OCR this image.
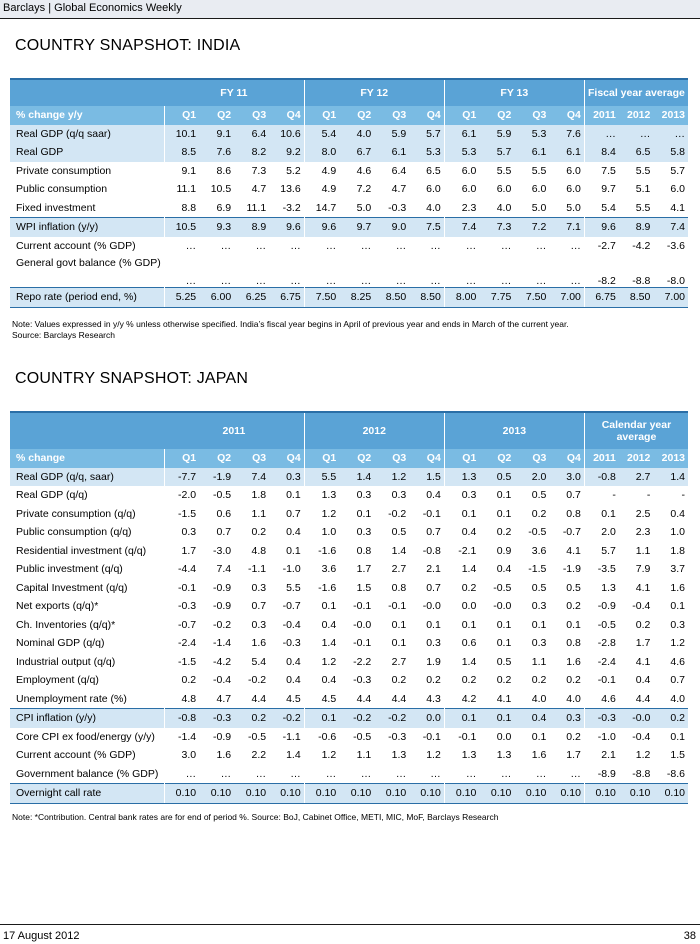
Barclays | Global Economics Weekly
COUNTRY SNAPSHOT: INDIA
	FY 11				FY 12				FY 13				Fiscal year average		
% change y/y	Q1	Q2	Q3	Q4	Q1	Q2	Q3	Q4	Q1	Q2	Q3	Q4	2011	2012	2013
Real GDP (q/q saar)	10.1	9.1	6.4	10.6	5.4	4.0	5.9	5.7	6.1	5.9	5.3	7.6	…	…	…
Real GDP	8.5	7.6	8.2	9.2	8.0	6.7	6.1	5.3	5.3	5.7	6.1	6.1	8.4	6.5	5.8
Private consumption	9.1	8.6	7.3	5.2	4.9	4.6	6.4	6.5	6.0	5.5	5.5	6.0	7.5	5.5	5.7
Public consumption	11.1	10.5	4.7	13.6	4.9	7.2	4.7	6.0	6.0	6.0	6.0	6.0	9.7	5.1	6.0
Fixed investment	8.8	6.9	11.1	-3.2	14.7	5.0	-0.3	4.0	2.3	4.0	5.0	5.0	5.4	5.5	4.1
WPI inflation (y/y)	10.5	9.3	8.9	9.6	9.6	9.7	9.0	7.5	7.4	7.3	7.2	7.1	9.6	8.9	7.4
Current account (% GDP)	…	…	…	…	…	…	…	…	…	…	…	…	-2.7	-4.2	-3.6
General govt balance (% GDP)	…	…	…	…	…	…	…	…	…	…	…	…	-8.2	-8.8	-8.0
Repo rate (period end, %)	5.25	6.00	6.25	6.75	7.50	8.25	8.50	8.50	8.00	7.75	7.50	7.00	6.75	8.50	7.00
Note: Values expressed in y/y % unless otherwise specified. India’s fiscal year begins in April of previous year and ends in March of the current year.
Source: Barclays Research
COUNTRY SNAPSHOT: JAPAN
	2011				2012				2013				Calendar year average		
% change	Q1	Q2	Q3	Q4	Q1	Q2	Q3	Q4	Q1	Q2	Q3	Q4	2011	2012	2013
Real GDP (q/q, saar)	-7.7	-1.9	7.4	0.3	5.5	1.4	1.2	1.5	1.3	0.5	2.0	3.0	-0.8	2.7	1.4
Real GDP (q/q)	-2.0	-0.5	1.8	0.1	1.3	0.3	0.3	0.4	0.3	0.1	0.5	0.7	-	-	-
Private consumption (q/q)	-1.5	0.6	1.1	0.7	1.2	0.1	-0.2	-0.1	0.1	0.1	0.2	0.8	0.1	2.5	0.4
Public consumption (q/q)	0.3	0.7	0.2	0.4	1.0	0.3	0.5	0.7	0.4	0.2	-0.5	-0.7	2.0	2.3	1.0
Residential investment (q/q)	1.7	-3.0	4.8	0.1	-1.6	0.8	1.4	-0.8	-2.1	0.9	3.6	4.1	5.7	1.1	1.8
Public investment (q/q)	-4.4	7.4	-1.1	-1.0	3.6	1.7	2.7	2.1	1.4	0.4	-1.5	-1.9	-3.5	7.9	3.7
Capital Investment (q/q)	-0.1	-0.9	0.3	5.5	-1.6	1.5	0.8	0.7	0.2	-0.5	0.5	0.5	1.3	4.1	1.6
Net exports (q/q)*	-0.3	-0.9	0.7	-0.7	0.1	-0.1	-0.1	-0.0	0.0	-0.0	0.3	0.2	-0.9	-0.4	0.1
Ch. Inventories (q/q)*	-0.7	-0.2	0.3	-0.4	0.4	-0.0	0.1	0.1	0.1	0.1	0.1	0.1	-0.5	0.2	0.3
Nominal GDP (q/q)	-2.4	-1.4	1.6	-0.3	1.4	-0.1	0.1	0.3	0.6	0.1	0.3	0.8	-2.8	1.7	1.2
Industrial output (q/q)	-1.5	-4.2	5.4	0.4	1.2	-2.2	2.7	1.9	1.4	0.5	1.1	1.6	-2.4	4.1	4.6
Employment (q/q)	0.2	-0.4	-0.2	0.4	0.4	-0.3	0.2	0.2	0.2	0.2	0.2	0.2	-0.1	0.4	0.7
Unemployment rate (%)	4.8	4.7	4.4	4.5	4.5	4.4	4.4	4.3	4.2	4.1	4.0	4.0	4.6	4.4	4.0
CPI inflation (y/y)	-0.8	-0.3	0.2	-0.2	0.1	-0.2	-0.2	0.0	0.1	0.1	0.4	0.3	-0.3	-0.0	0.2
Core CPI ex food/energy (y/y)	-1.4	-0.9	-0.5	-1.1	-0.6	-0.5	-0.3	-0.1	-0.1	0.0	0.1	0.2	-1.0	-0.4	0.1
Current account (% GDP)	3.0	1.6	2.2	1.4	1.2	1.1	1.3	1.2	1.3	1.3	1.6	1.7	2.1	1.2	1.5
Government balance (% GDP)	…	…	…	…	…	…	…	…	…	…	…	…	-8.9	-8.8	-8.6
Overnight call rate	0.10	0.10	0.10	0.10	0.10	0.10	0.10	0.10	0.10	0.10	0.10	0.10	0.10	0.10	0.10
Note: *Contribution. Central bank rates are for end of period %. Source: BoJ, Cabinet Office, METI, MIC, MoF, Barclays Research
17 August 2012	38
